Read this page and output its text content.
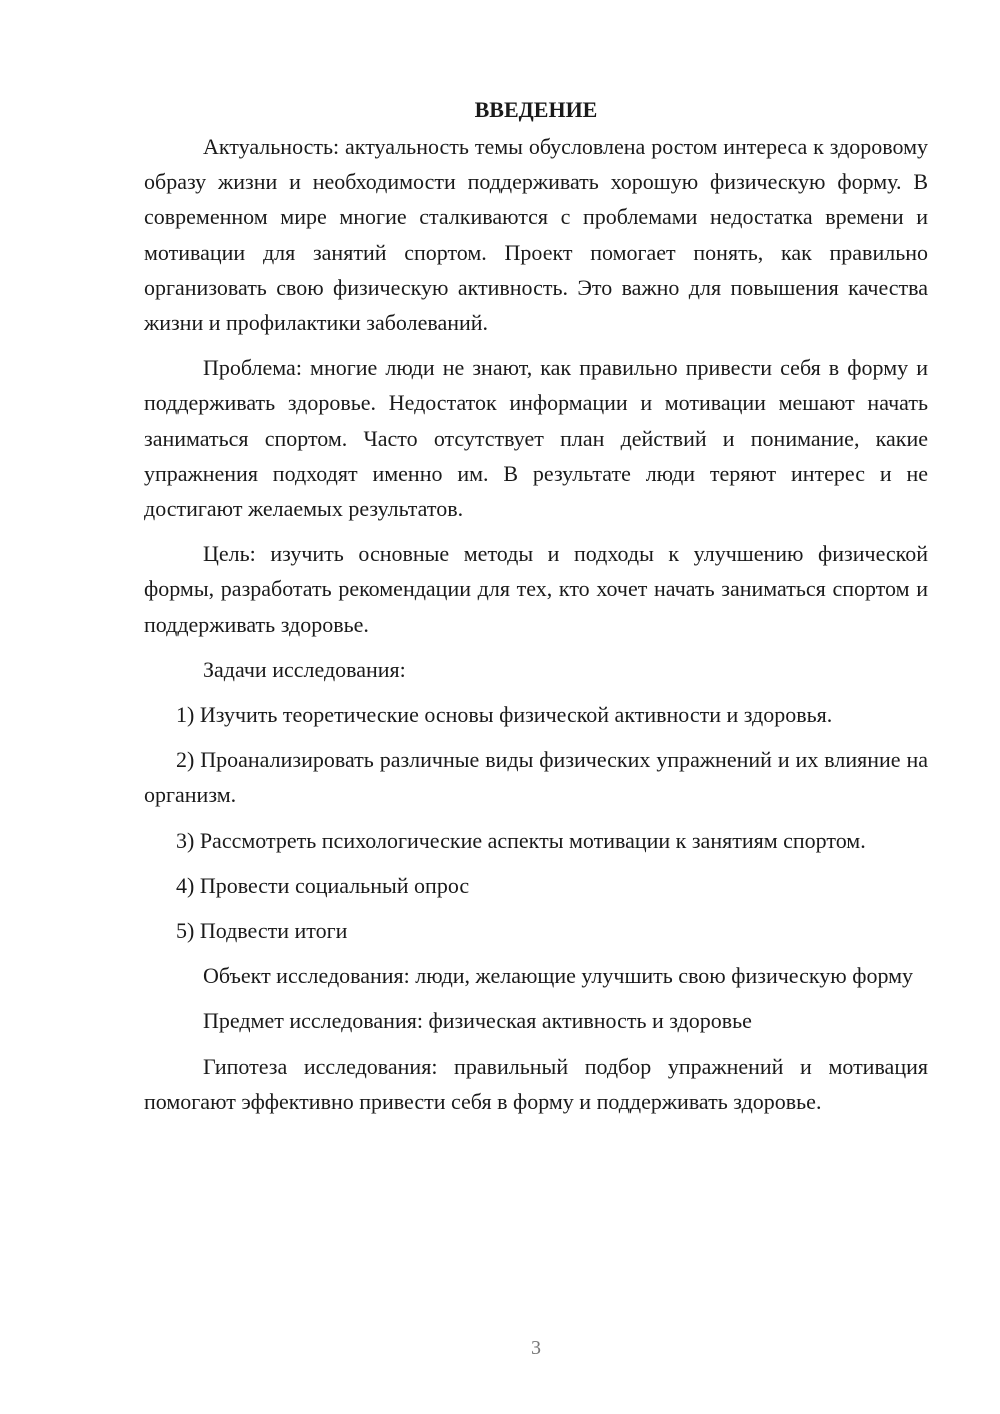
ВВЕДЕНИЕ

Актуальность: актуальность темы обусловлена ростом интереса к здоровому образу жизни и необходимости поддерживать хорошую физическую форму. В современном мире многие сталкиваются с проблемами недостатка времени и мотивации для занятий спортом. Проект помогает понять, как правильно организовать свою физическую активность. Это важно для повышения качества жизни и профилактики заболеваний.

Проблема: многие люди не знают, как правильно привести себя в форму и поддерживать здоровье. Недостаток информации и мотивации мешают начать заниматься спортом. Часто отсутствует план действий и понимание, какие упражнения подходят именно им. В результате люди теряют интерес и не достигают желаемых результатов.

Цель: изучить основные методы и подходы к улучшению физической формы, разработать рекомендации для тех, кто хочет начать заниматься спортом и поддерживать здоровье.

Задачи исследования:

1) Изучить теоретические основы физической активности и здоровья.

2) Проанализировать различные виды физических упражнений и их влияние на организм.

3) Рассмотреть психологические аспекты мотивации к занятиям спортом.

4) Провести социальный опрос

5) Подвести итоги

Объект исследования: люди, желающие улучшить свою физическую форму

Предмет исследования: физическая активность и здоровье

Гипотеза исследования: правильный подбор упражнений и мотивация помогают эффективно привести себя в форму и поддерживать здоровье.

3
